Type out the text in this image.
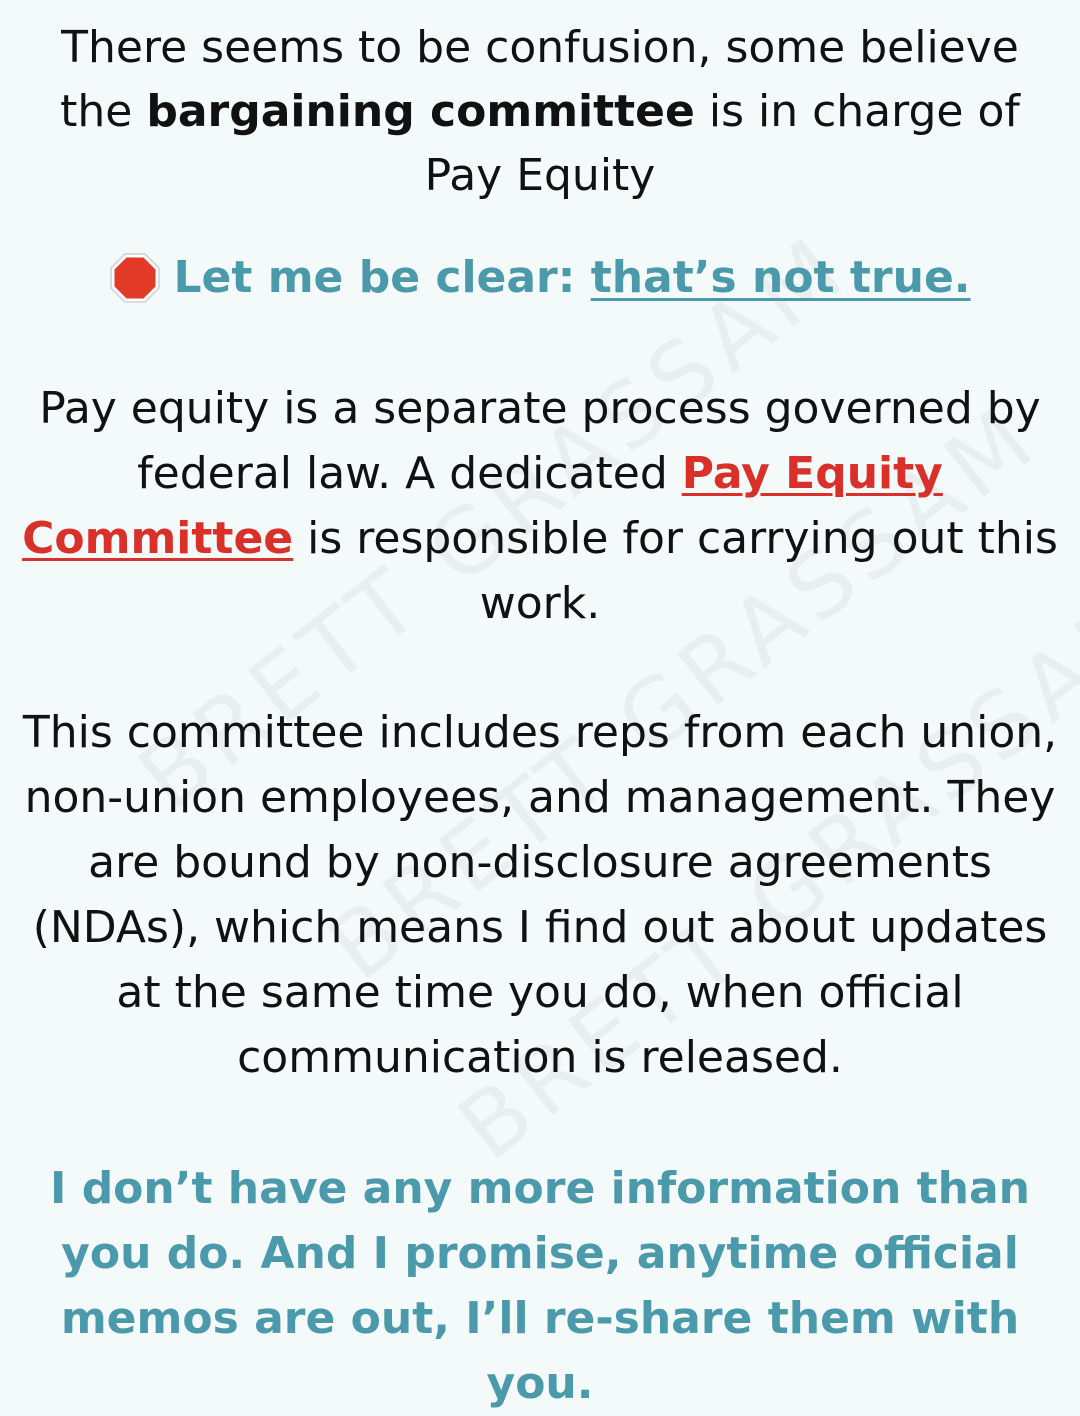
There seems to be confusion, some believe the bargaining committee is in charge of Pay Equity

Let me be clear: that’s not true.

Pay equity is a separate process governed by federal law. A dedicated Pay Equity Committee is responsible for carrying out this work.

This committee includes reps from each union, non-union employees, and management. They are bound by non-disclosure agreements (NDAs), which means I find out about updates at the same time you do, when official communication is released.

I don’t have any more information than you do. And I promise, anytime official memos are out, I’ll re-share them with you.
